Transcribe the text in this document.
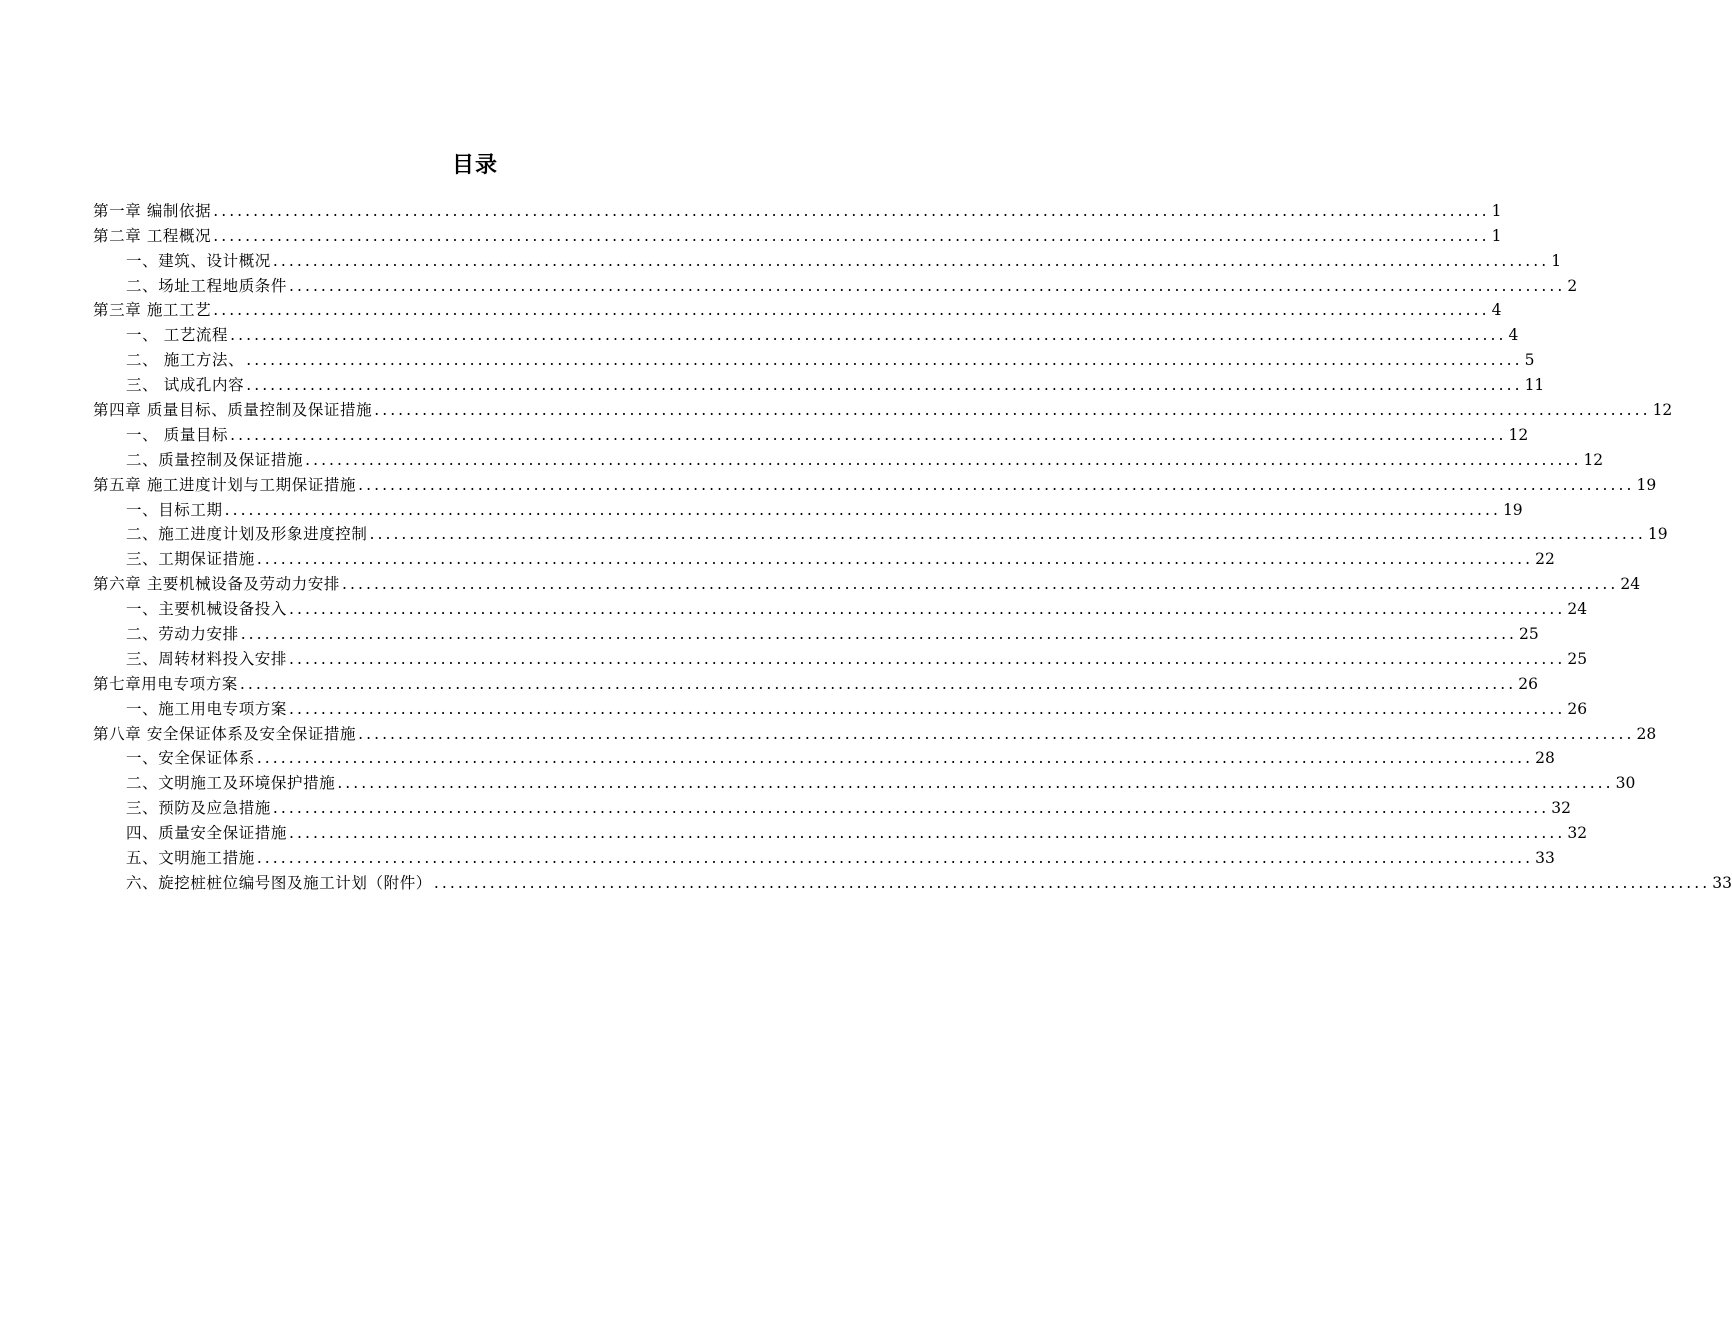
目录
第一章 编制依据 ................................................................................................................................................................ 1
第二章 工程概况 ................................................................................................................................................................ 1
一、建筑、设计概况 ................................................................................................................................................................ 1
二、场址工程地质条件 ................................................................................................................................................................ 2
第三章 施工工艺 ................................................................................................................................................................ 4
一、 工艺流程 ................................................................................................................................................................ 4
二、 施工方法、 ................................................................................................................................................................ 5
三、 试成孔内容 ................................................................................................................................................................ 11
第四章 质量目标、质量控制及保证措施 ................................................................................................................................................................ 12
一、 质量目标 ................................................................................................................................................................ 12
二、质量控制及保证措施 ................................................................................................................................................................ 12
第五章 施工进度计划与工期保证措施 ................................................................................................................................................................ 19
一、目标工期 ................................................................................................................................................................ 19
二、施工进度计划及形象进度控制 ................................................................................................................................................................ 19
三、工期保证措施 ................................................................................................................................................................ 22
第六章 主要机械设备及劳动力安排 ................................................................................................................................................................ 24
一、主要机械设备投入 ................................................................................................................................................................ 24
二、劳动力安排 ................................................................................................................................................................ 25
三、周转材料投入安排 ................................................................................................................................................................ 25
第七章用电专项方案 ................................................................................................................................................................ 26
一、施工用电专项方案 ................................................................................................................................................................ 26
第八章 安全保证体系及安全保证措施 ................................................................................................................................................................ 28
一、安全保证体系 ................................................................................................................................................................ 28
二、文明施工及环境保护措施 ................................................................................................................................................................ 30
三、预防及应急措施 ................................................................................................................................................................ 32
四、质量安全保证措施 ................................................................................................................................................................ 32
五、文明施工措施 ................................................................................................................................................................ 33
六、旋挖桩桩位编号图及施工计划（附件） ................................................................................................................................................................ 33
